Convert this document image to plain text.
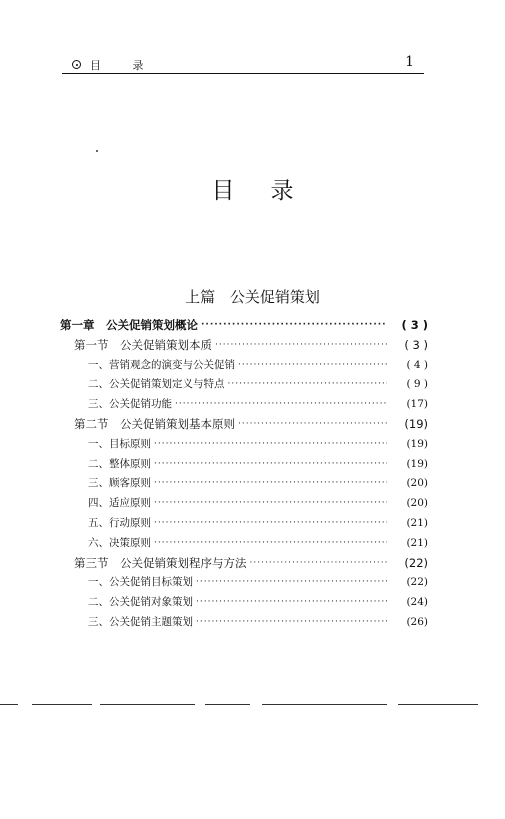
目 录	1
目录
上篇 公关促销策划
第一章　公关促销策划概论 ·····	( 3 )
第一节　公关促销策划本质 ·····	( 3 )
一、营销观念的演变与公关促销 ·····	( 4 )
二、公关促销策划定义与特点 ·····	( 9 )
三、公关促销功能 ·····	(17)
第二节　公关促销策划基本原则 ·····	(19)
一、目标原则 ·····	(19)
二、整体原则 ·····	(19)
三、顾客原则 ·····	(20)
四、适应原则 ·····	(20)
五、行动原则 ·····	(21)
六、决策原则 ·····	(21)
第三节　公关促销策划程序与方法 ·····	(22)
一、公关促销目标策划 ·····	(22)
二、公关促销对象策划 ·····	(24)
三、公关促销主题策划 ·····	(26)
